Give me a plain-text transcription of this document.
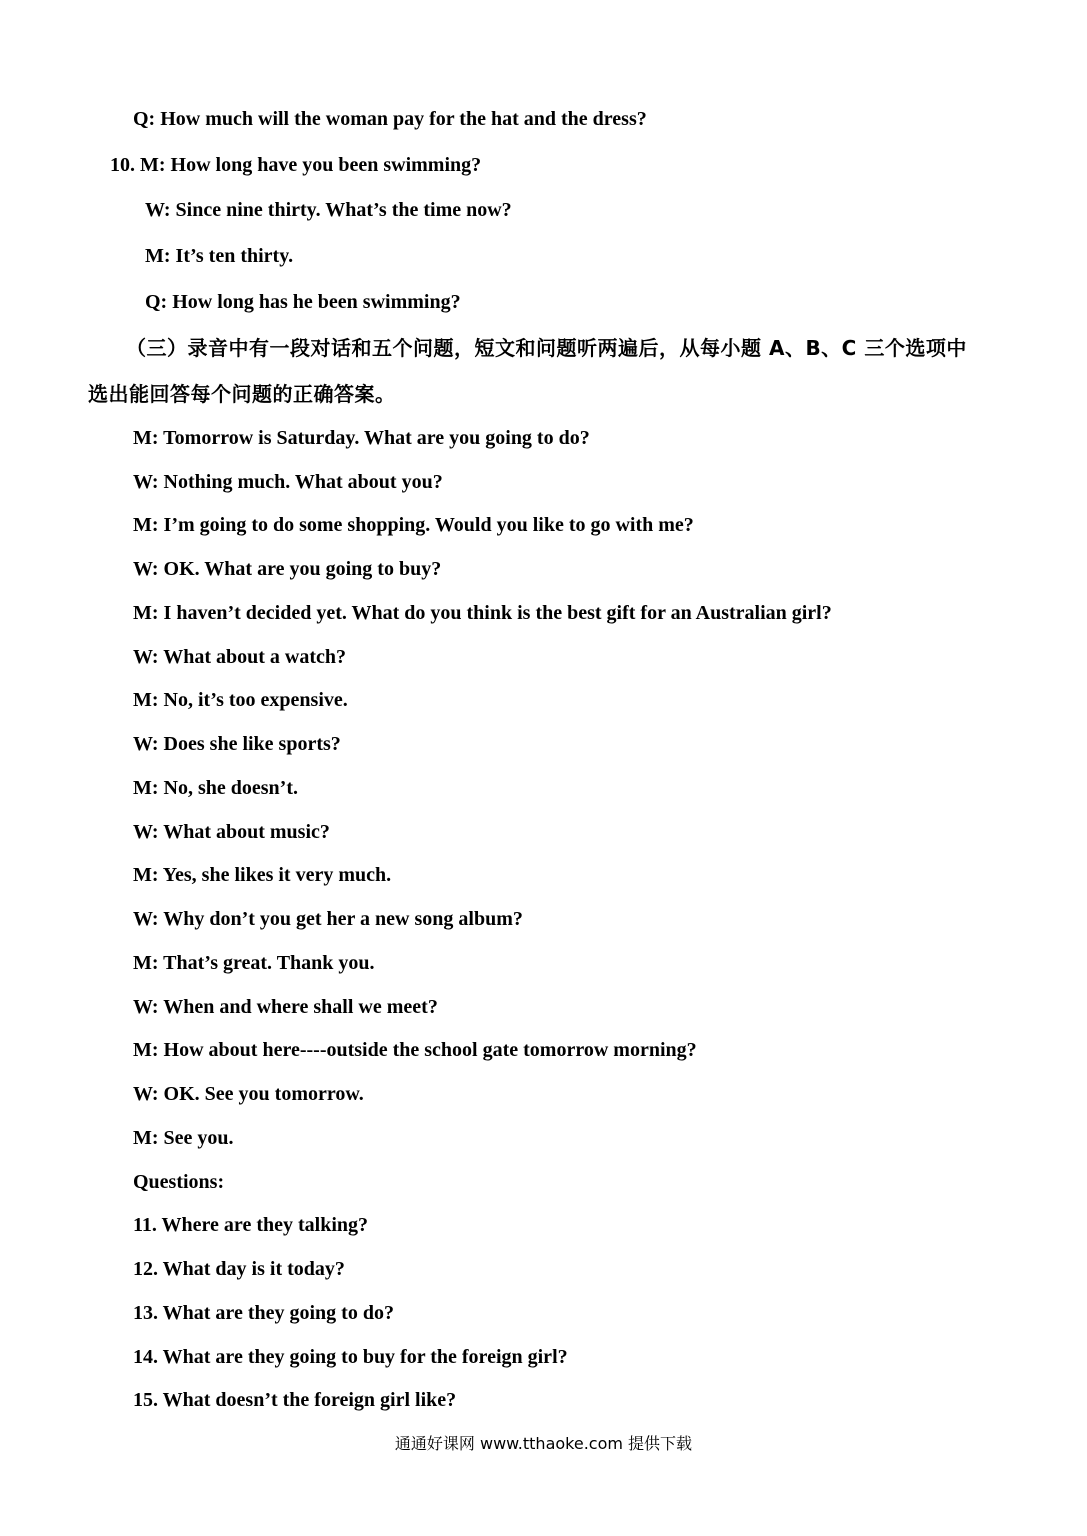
Q: How much will the woman pay for the hat and the dress?
10. M: How long have you been swimming?
W: Since nine thirty. What’s the time now?
M: It’s ten thirty.
Q: How long has he been swimming?
（三）录音中有一段对话和五个问题，短文和问题听两遍后，从每小题 A、B、C 三个选项中
选出能回答每个问题的正确答案。
M: Tomorrow is Saturday. What are you going to do?
W: Nothing much. What about you?
M: I’m going to do some shopping. Would you like to go with me?
W: OK. What are you going to buy?
M: I haven’t decided yet. What do you think is the best gift for an Australian girl?
W: What about a watch?
M: No, it’s too expensive.
W: Does she like sports?
M: No, she doesn’t.
W: What about music?
M: Yes, she likes it very much.
W: Why don’t you get her a new song album?
M: That’s great. Thank you.
W: When and where shall we meet?
M: How about here----outside the school gate tomorrow morning?
W: OK. See you tomorrow.
M: See you.
Questions:
11. Where are they talking?
12. What day is it today?
13. What are they going to do?
14. What are they going to buy for the foreign girl?
15. What doesn’t the foreign girl like?
通通好课网 www.tthaoke.com 提供下载
